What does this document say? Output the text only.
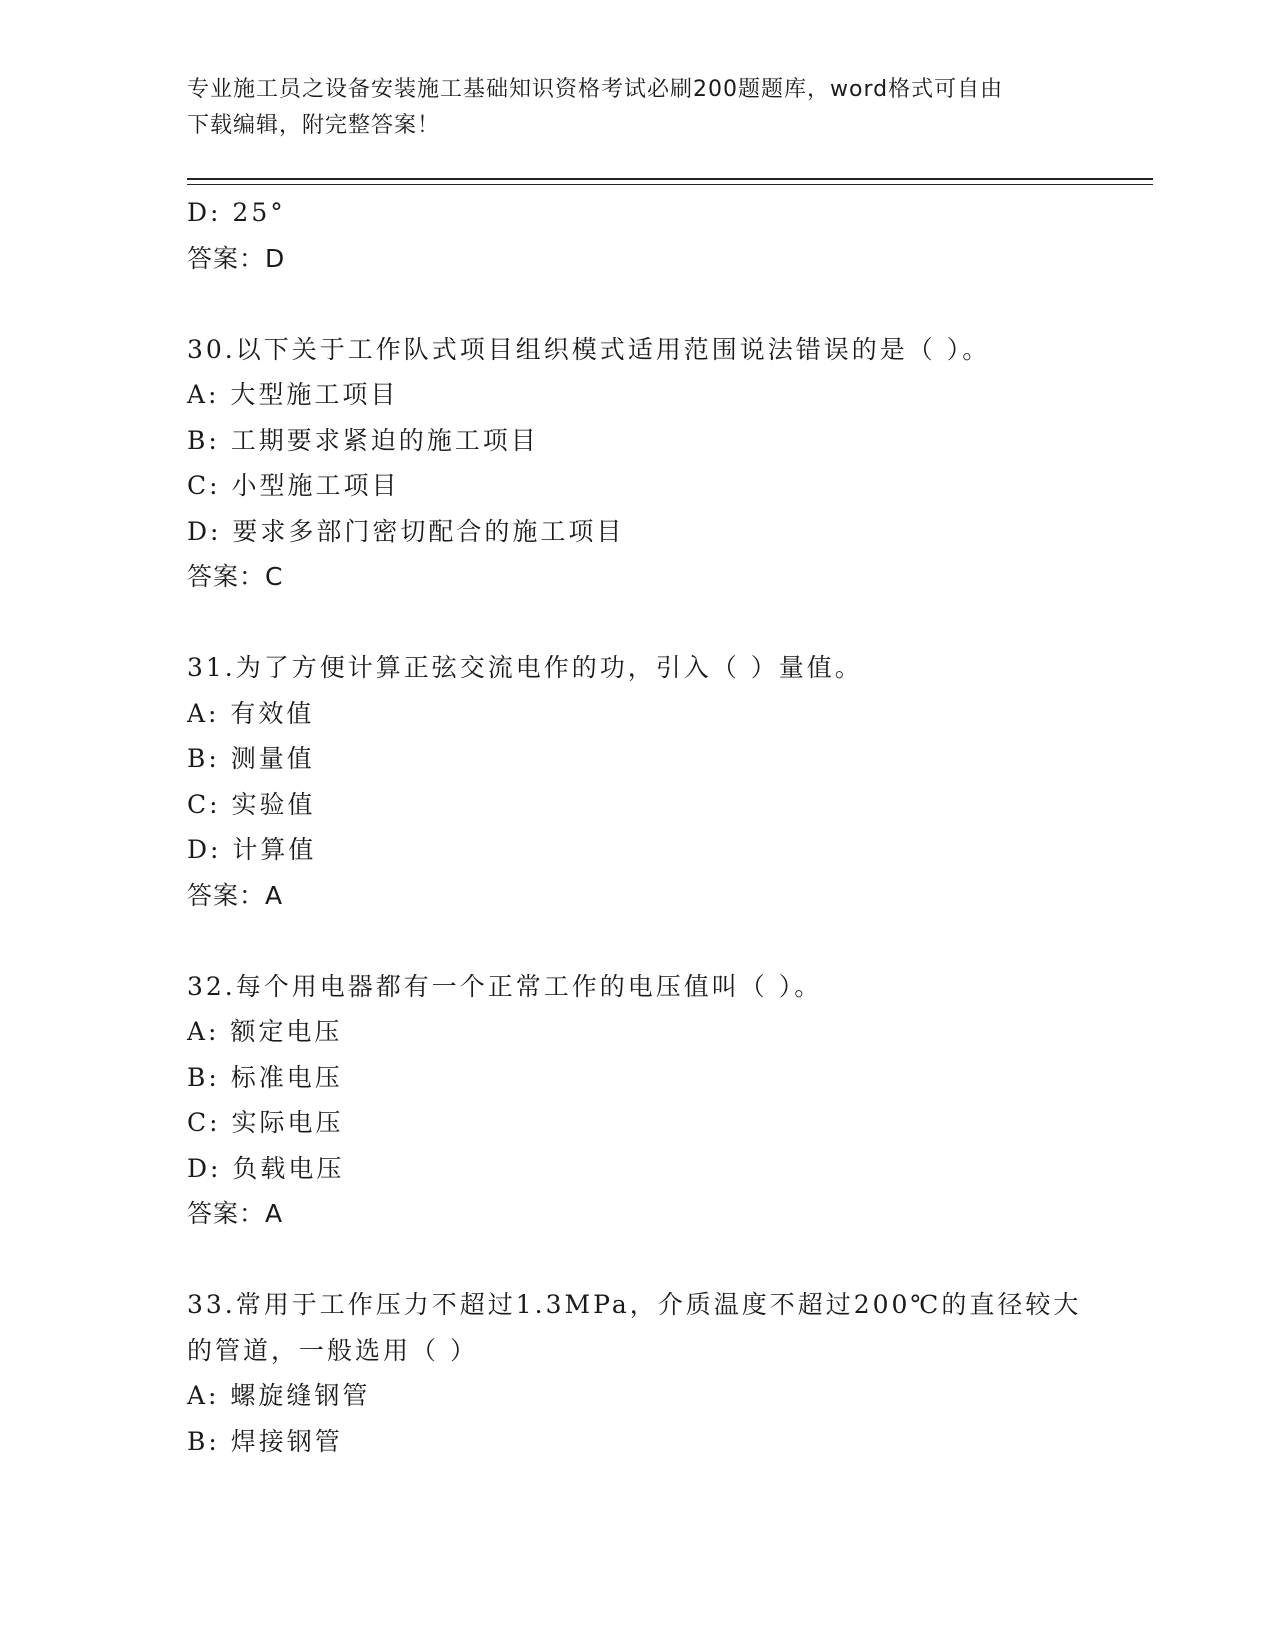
专业施工员之设备安装施工基础知识资格考试必刷200题题库，word格式可自由
下载编辑，附完整答案！
D: 25°
答案：D
30.以下关于工作队式项目组织模式适用范围说法错误的是（ ）。
A: 大型施工项目
B: 工期要求紧迫的施工项目
C: 小型施工项目
D: 要求多部门密切配合的施工项目
答案：C
31.为了方便计算正弦交流电作的功，引入（ ）量值。
A: 有效值
B: 测量值
C: 实验值
D: 计算值
答案：A
32.每个用电器都有一个正常工作的电压值叫（ ）。
A: 额定电压
B: 标准电压
C: 实际电压
D: 负载电压
答案：A
33.常用于工作压力不超过1.3MPa，介质温度不超过200℃的直径较大
的管道，一般选用（ ）
A: 螺旋缝钢管
B: 焊接钢管
